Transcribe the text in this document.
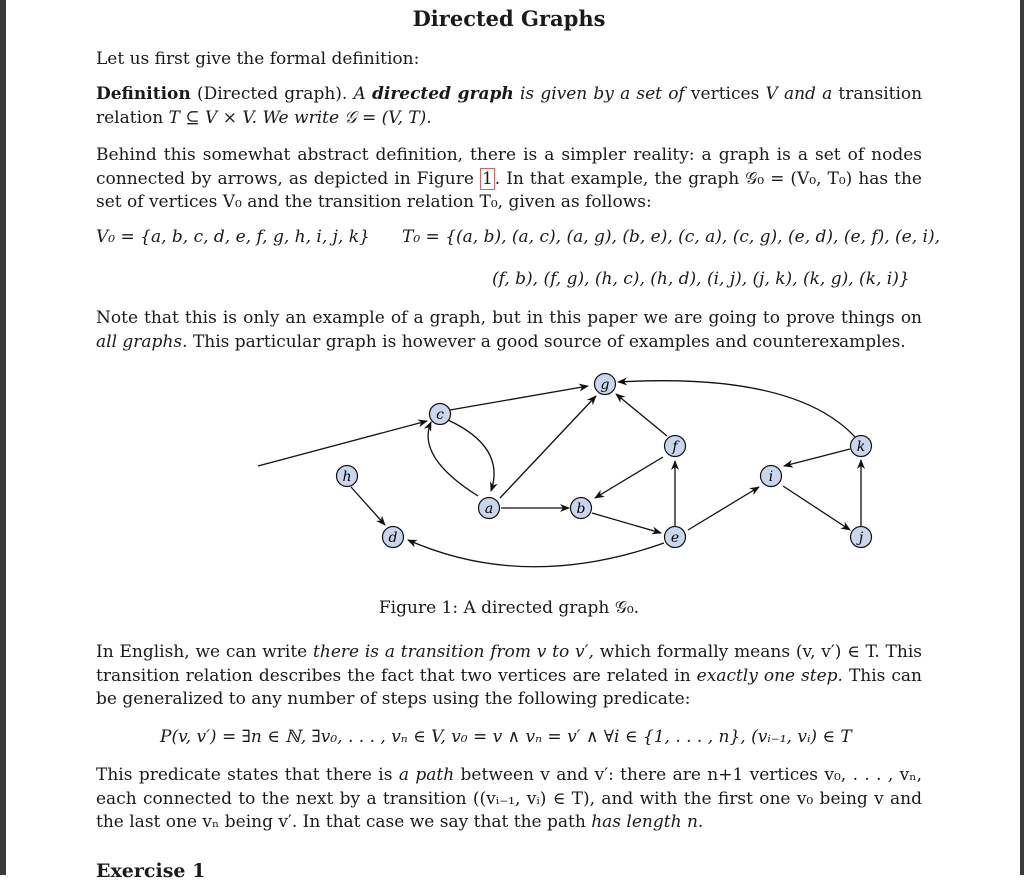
Directed Graphs

Let us first give the formal definition:

Definition (Directed graph). A directed graph is given by a set of vertices V and a transition relation T ⊆ V × V. We write 𝒢 = (V, T).

Behind this somewhat abstract definition, there is a simpler reality: a graph is a set of nodes connected by arrows, as depicted in Figure 1 . In that example, the graph 𝒢₀ = (V₀, T₀) has the set of vertices V₀ and the transition relation T₀, given as follows:

V₀ = {a, b, c, d, e, f, g, h, i, j, k} T₀ = {(a, b), (a, c), (a, g), (b, e), (c, a), (c, g), (e, d), (e, f), (e, i),
(f, b), (f, g), (h, c), (h, d), (i, j), (j, k), (k, g), (k, i)}

Note that this is only an example of a graph, but in this paper we are going to prove things on all graphs. This particular graph is however a good source of examples and counterexamples.

h
c
a
d
b
g
f
e
i
k
j
Figure 1: A directed graph 𝒢₀.

In English, we can write there is a transition from v to v′, which formally means (v, v′) ∈ T. This transition relation describes the fact that two vertices are related in exactly one step. This can be generalized to any number of steps using the following predicate:

P(v, v′) = ∃n ∈ ℕ, ∃v₀, . . . , vₙ ∈ V, v₀ = v ∧ vₙ = v′ ∧ ∀i ∈ {1, . . . , n}, (vᵢ₋₁, vᵢ) ∈ T

This predicate states that there is a path between v and v′: there are n+1 vertices v₀, . . . , vₙ, each connected to the next by a transition ((vᵢ₋₁, vᵢ) ∈ T), and with the first one v₀ being v and the last one vₙ being v′. In that case we say that the path has length n.

Exercise 1
